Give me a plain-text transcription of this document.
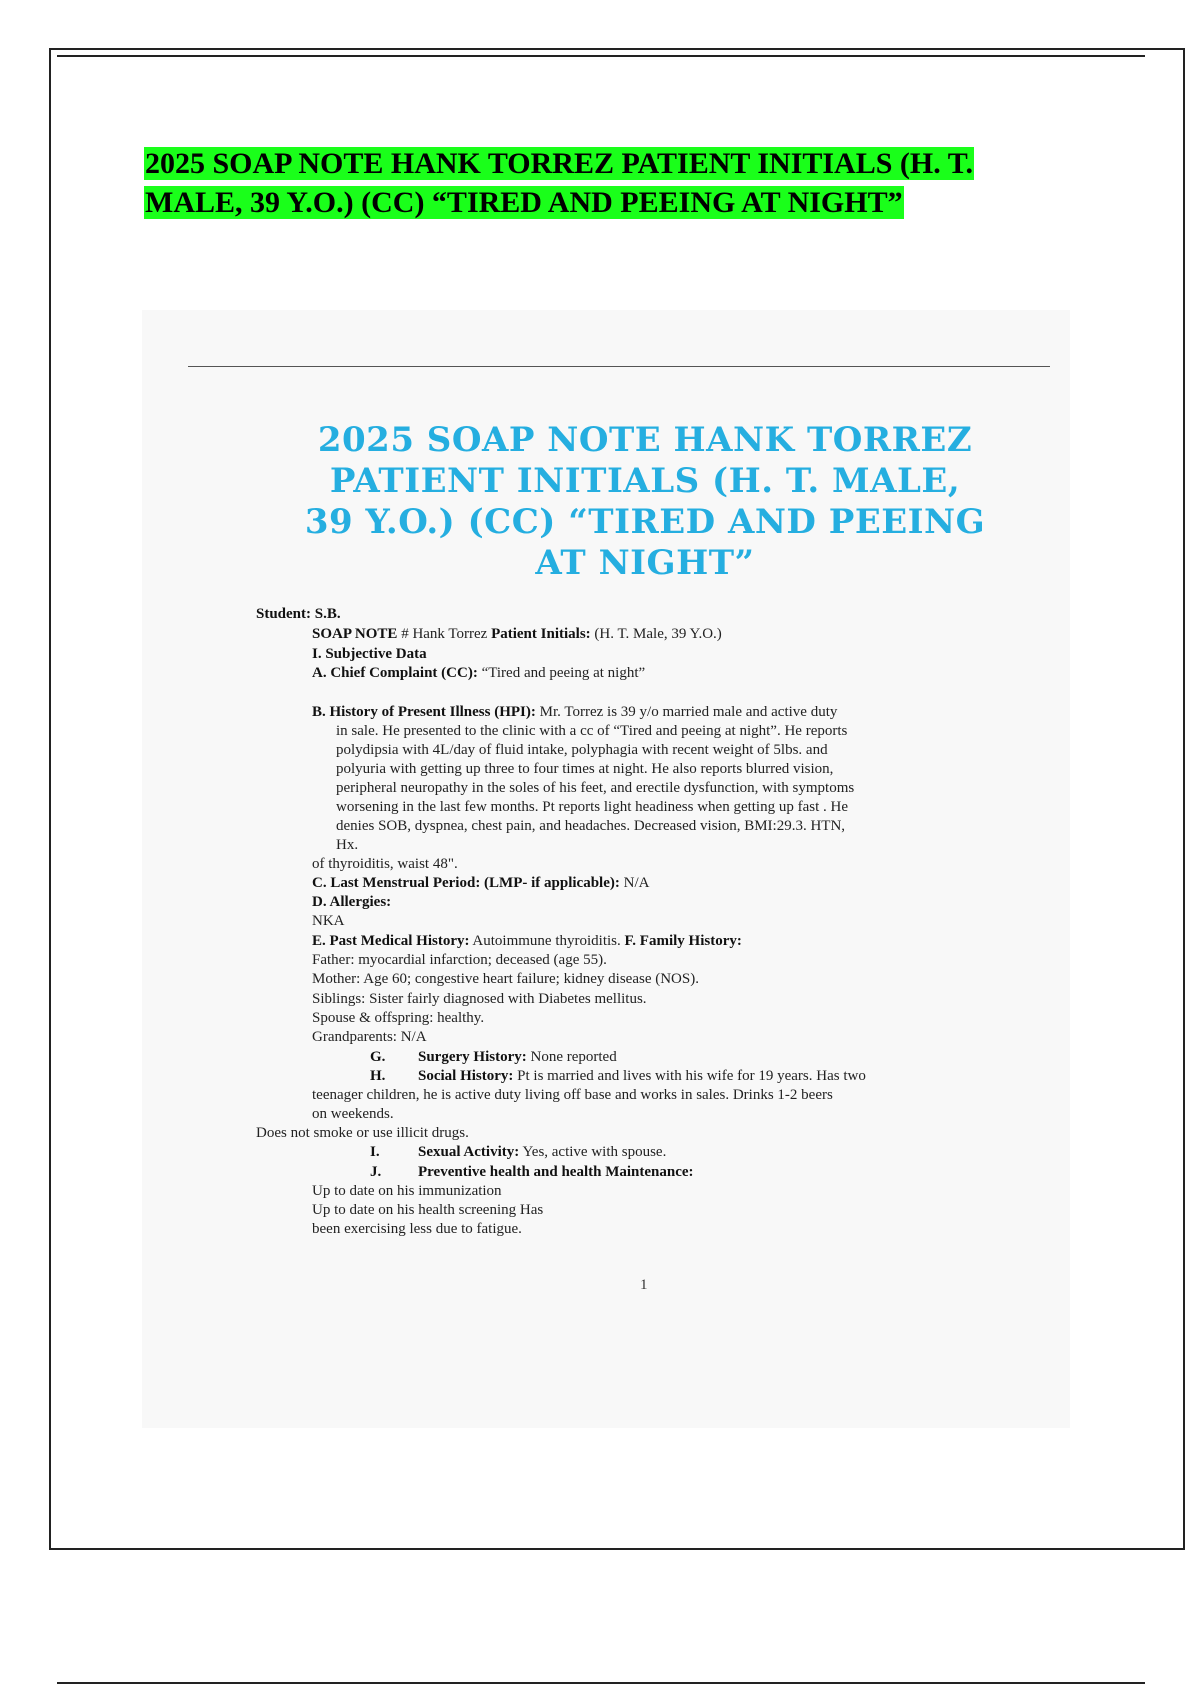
2025 SOAP NOTE HANK TORREZ PATIENT INITIALS (H. T. MALE, 39 Y.O.) (CC) “TIRED AND PEEING AT NIGHT”
2025 SOAP NOTE HANK TORREZ PATIENT INITIALS (H. T. MALE, 39 Y.O.) (CC) “TIRED AND PEEING AT NIGHT”
Student: S.B.
SOAP NOTE # Hank Torrez Patient Initials: (H. T. Male, 39 Y.O.)
I. Subjective Data
A. Chief Complaint (CC): “Tired and peeing at night”
B. History of Present Illness (HPI): Mr. Torrez is 39 y/o married male and active duty
in sale. He presented to the clinic with a cc of “Tired and peeing at night”. He reports
polydipsia with 4L/day of fluid intake, polyphagia with recent weight of 5lbs. and
polyuria with getting up three to four times at night. He also reports blurred vision,
peripheral neuropathy in the soles of his feet, and erectile dysfunction, with symptoms
worsening in the last few months. Pt reports light headiness when getting up fast . He
denies SOB, dyspnea, chest pain, and headaches. Decreased vision, BMI:29.3. HTN,
Hx.
of thyroiditis, waist 48".
C. Last Menstrual Period: (LMP- if applicable): N/A
D. Allergies:
NKA
E. Past Medical History: Autoimmune thyroiditis. F. Family History:
Father: myocardial infarction; deceased (age 55).
Mother: Age 60; congestive heart failure; kidney disease (NOS).
Siblings: Sister fairly diagnosed with Diabetes mellitus.
Spouse & offspring: healthy.
Grandparents: N/A
G. Surgery History: None reported
H. Social History: Pt is married and lives with his wife for 19 years. Has two
teenager children, he is active duty living off base and works in sales. Drinks 1-2 beers
on weekends.
Does not smoke or use illicit drugs.
I.	Sexual Activity: Yes, active with spouse.
J. Preventive health and health Maintenance:
Up to date on his immunization
Up to date on his health screening Has
been exercising less due to fatigue.
1
